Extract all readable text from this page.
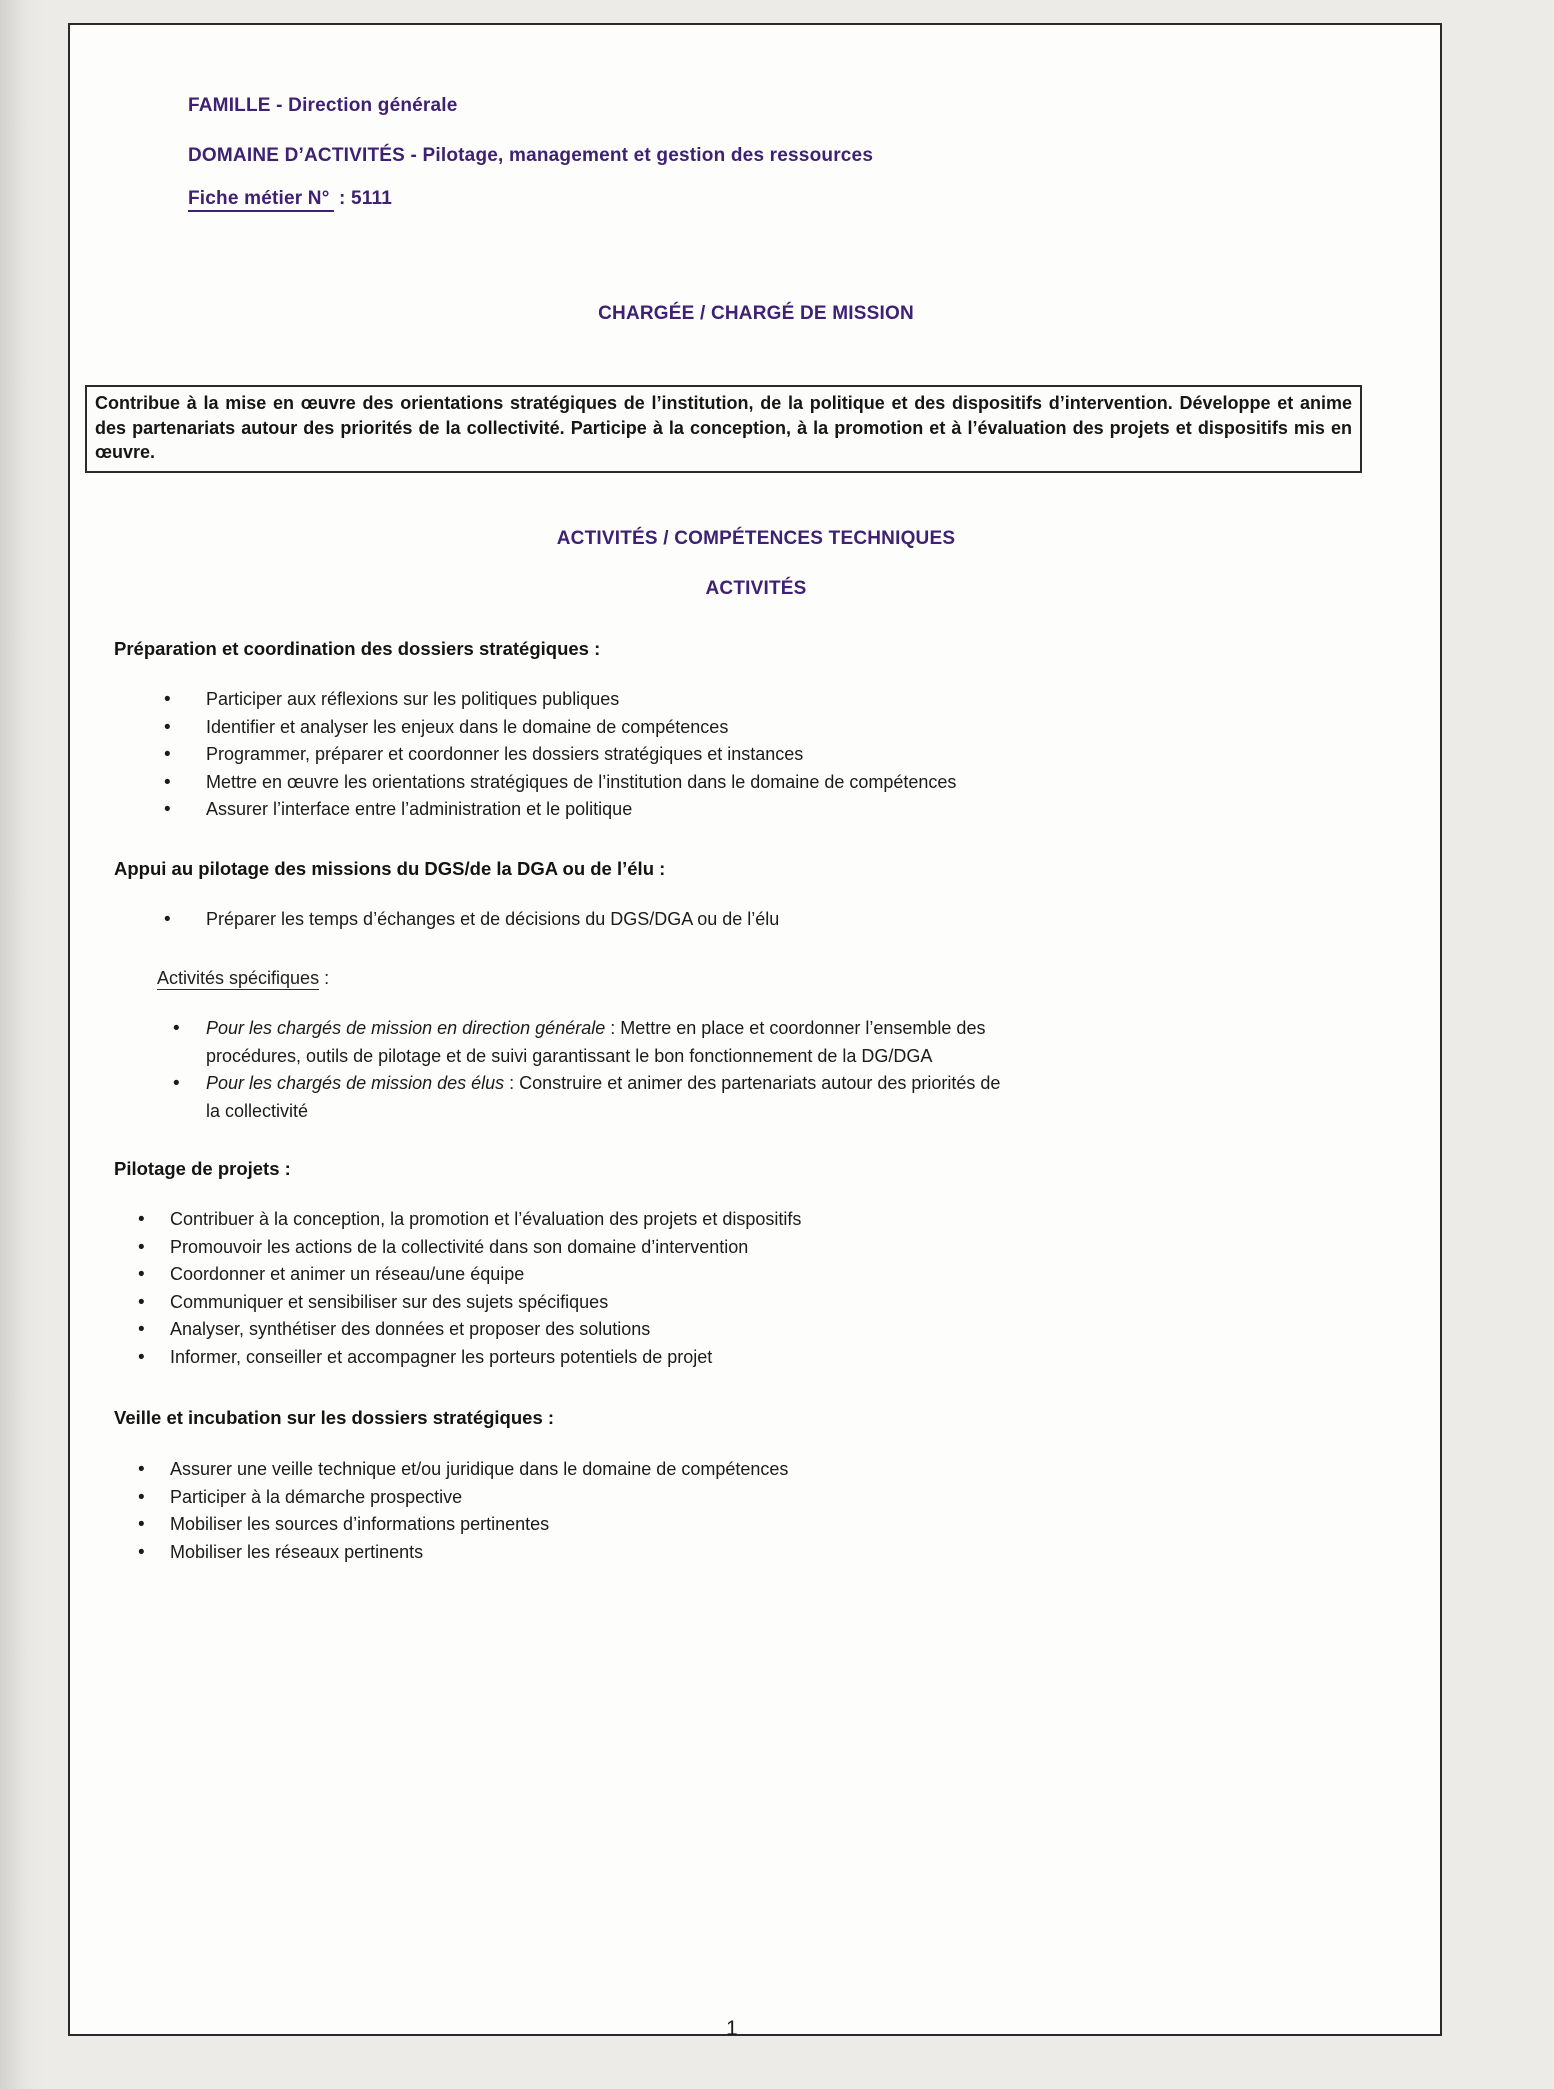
FAMILLE - Direction générale
DOMAINE D’ACTIVITÉS - Pilotage, management et gestion des ressources
Fiche métier N° : 5111
CHARGÉE / CHARGÉ DE MISSION
Contribue à la mise en œuvre des orientations stratégiques de l’institution, de la politique et des dispositifs d’intervention. Développe et anime des partenariats autour des priorités de la collectivité. Participe à la conception, à la promotion et à l’évaluation des projets et dispositifs mis en œuvre.
ACTIVITÉS / COMPÉTENCES TECHNIQUES
ACTIVITÉS
Préparation et coordination des dossiers stratégiques :
• Participer aux réflexions sur les politiques publiques
• Identifier et analyser les enjeux dans le domaine de compétences
• Programmer, préparer et coordonner les dossiers stratégiques et instances
• Mettre en œuvre les orientations stratégiques de l’institution dans le domaine de compétences
• Assurer l’interface entre l’administration et le politique
Appui au pilotage des missions du DGS/de la DGA ou de l’élu :
• Préparer les temps d’échanges et de décisions du DGS/DGA ou de l’élu
Activités spécifiques :
• Pour les chargés de mission en direction générale : Mettre en place et coordonner l’ensemble des procédures, outils de pilotage et de suivi garantissant le bon fonctionnement de la DG/DGA
• Pour les chargés de mission des élus : Construire et animer des partenariats autour des priorités de la collectivité
Pilotage de projets :
• Contribuer à la conception, la promotion et l’évaluation des projets et dispositifs
• Promouvoir les actions de la collectivité dans son domaine d’intervention
• Coordonner et animer un réseau/une équipe
• Communiquer et sensibiliser sur des sujets spécifiques
• Analyser, synthétiser des données et proposer des solutions
• Informer, conseiller et accompagner les porteurs potentiels de projet
Veille et incubation sur les dossiers stratégiques :
• Assurer une veille technique et/ou juridique dans le domaine de compétences
• Participer à la démarche prospective
• Mobiliser les sources d’informations pertinentes
• Mobiliser les réseaux pertinents
1
